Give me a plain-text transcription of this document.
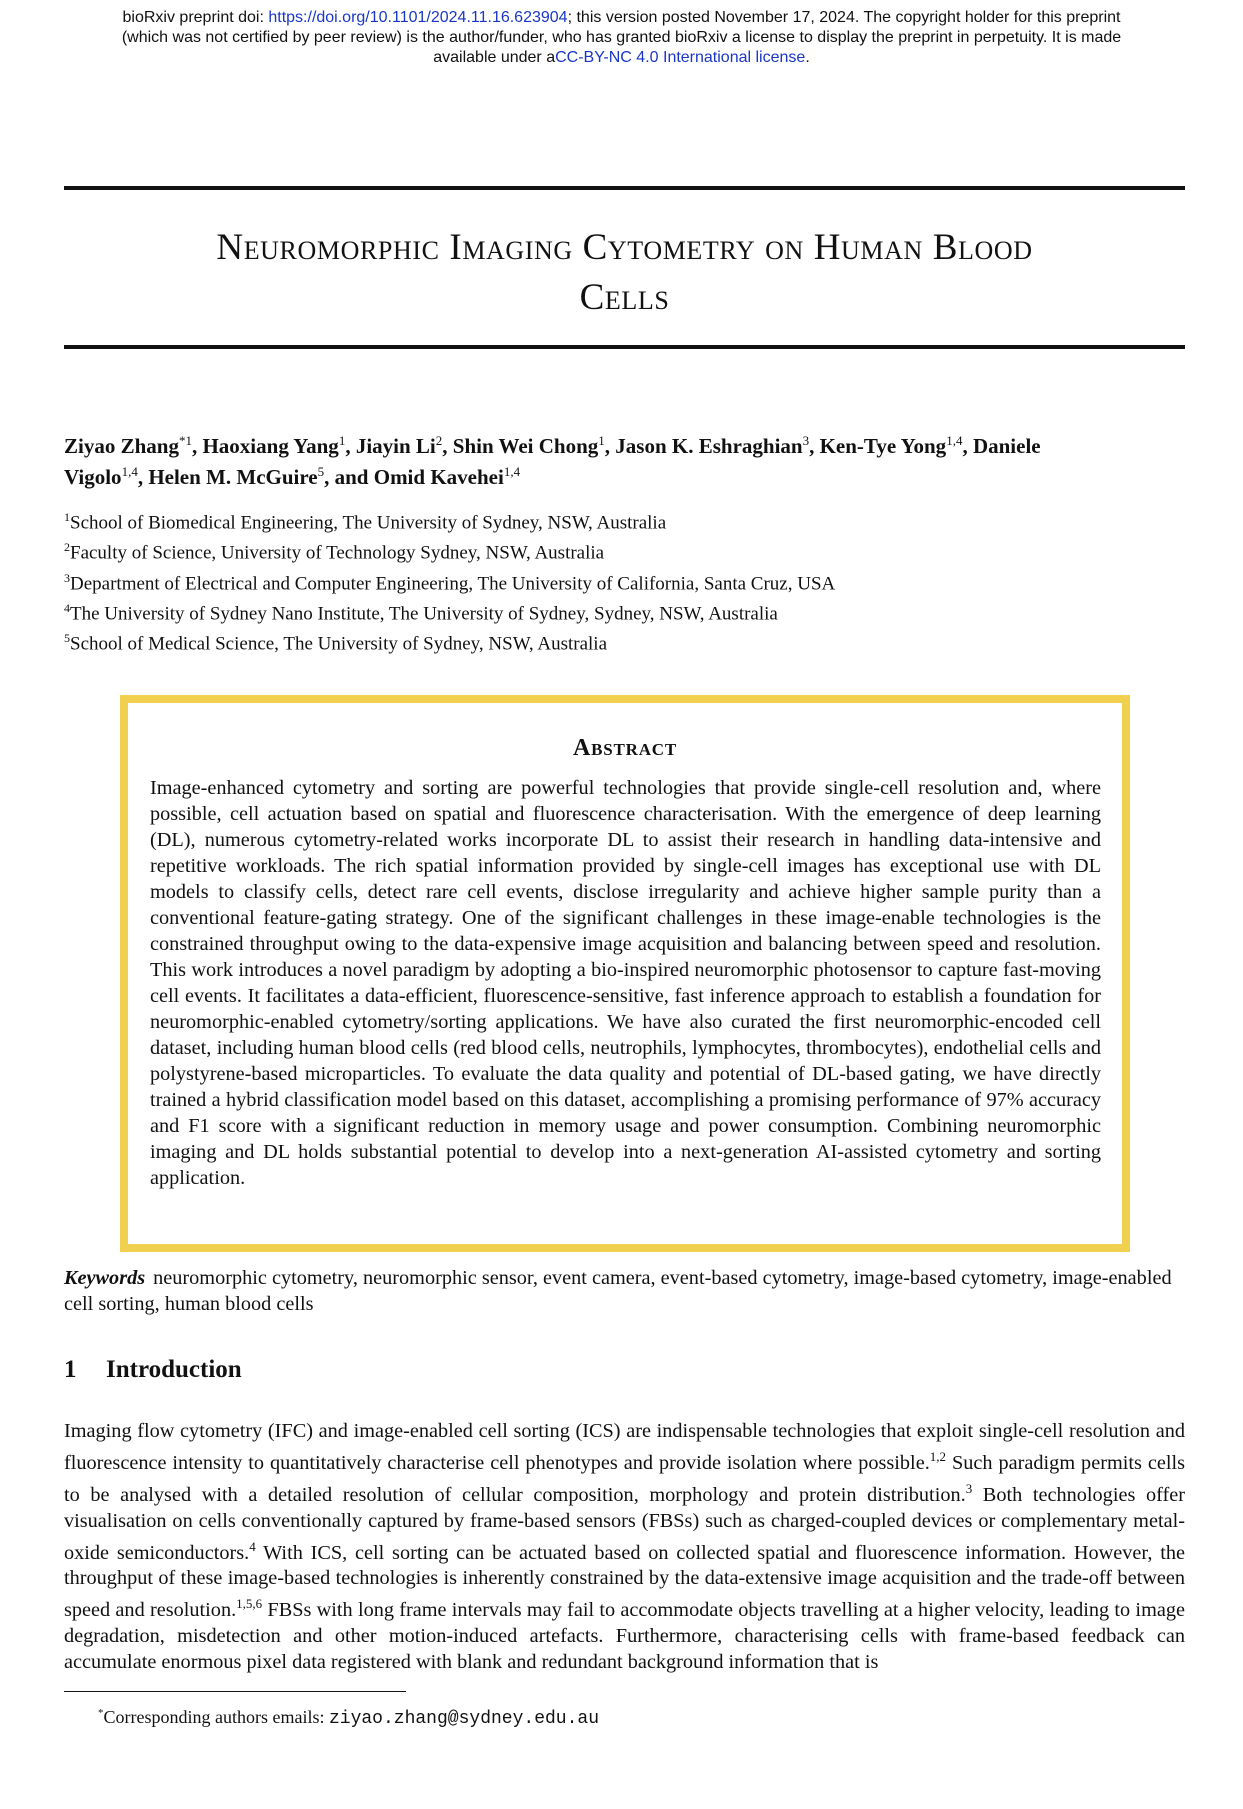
bioRxiv preprint doi: https://doi.org/10.1101/2024.11.16.623904; this version posted November 17, 2024. The copyright holder for this preprint
(which was not certified by peer review) is the author/funder, who has granted bioRxiv a license to display the preprint in perpetuity. It is made
available under aCC-BY-NC 4.0 International license.
Neuromorphic Imaging Cytometry on Human Blood
Cells
Ziyao Zhang$^{*1}$, Haoxiang Yang$^1$, Jiayin Li$^2$, Shin Wei Chong$^1$, Jason K. Eshraghian$^3$, Ken-Tye Yong$^{1,4}$, Daniele
Vigolo$^{1,4}$, Helen M. McGuire$^5$, and Omid Kavehei$^{1,4}$
$^1$School of Biomedical Engineering, The University of Sydney, NSW, Australia
$^2$Faculty of Science, University of Technology Sydney, NSW, Australia
$^3$Department of Electrical and Computer Engineering, The University of California, Santa Cruz, USA
$^4$The University of Sydney Nano Institute, The University of Sydney, Sydney, NSW, Australia
$^5$School of Medical Science, The University of Sydney, NSW, Australia
Abstract
Image-enhanced cytometry and sorting are powerful technologies that provide single-cell resolution and, where possible, cell actuation based on spatial and fluorescence characterisation. With the emergence of deep learning (DL), numerous cytometry-related works incorporate DL to assist their research in handling data-intensive and repetitive workloads. The rich spatial information provided by single-cell images has exceptional use with DL models to classify cells, detect rare cell events, disclose irregularity and achieve higher sample purity than a conventional feature-gating strategy. One of the significant challenges in these image-enable technologies is the constrained throughput owing to the data-expensive image acquisition and balancing between speed and resolution. This work introduces a novel paradigm by adopting a bio-inspired neuromorphic photosensor to capture fast-moving cell events. It facilitates a data-efficient, fluorescence-sensitive, fast inference approach to establish a foundation for neuromorphic-enabled cytometry/sorting applications. We have also curated the first neuromorphic-encoded cell dataset, including human blood cells (red blood cells, neutrophils, lymphocytes, thrombocytes), endothelial cells and polystyrene-based microparticles. To evaluate the data quality and potential of DL-based gating, we have directly trained a hybrid classification model based on this dataset, accomplishing a promising performance of 97% accuracy and F1 score with a significant reduction in memory usage and power consumption. Combining neuromorphic imaging and DL holds substantial potential to develop into a next-generation AI-assisted cytometry and sorting application.
Keywords neuromorphic cytometry, neuromorphic sensor, event camera, event-based cytometry, image-based cytometry, image-enabled cell sorting, human blood cells
1 Introduction
Imaging flow cytometry (IFC) and image-enabled cell sorting (ICS) are indispensable technologies that exploit single-cell resolution and fluorescence intensity to quantitatively characterise cell phenotypes and provide isolation where possible.$^{1,2}$ Such paradigm permits cells to be analysed with a detailed resolution of cellular composition, morphology and protein distribution.$^3$ Both technologies offer visualisation on cells conventionally captured by frame-based sensors (FBSs) such as charged-coupled devices or complementary metal-oxide semiconductors.$^4$ With ICS, cell sorting can be actuated based on collected spatial and fluorescence information. However, the throughput of these image-based technologies is inherently constrained by the data-extensive image acquisition and the trade-off between speed and resolution.$^{1,5,6}$ FBSs with long frame intervals may fail to accommodate objects travelling at a higher velocity, leading to image degradation, misdetection and other motion-induced artefacts. Furthermore, characterising cells with frame-based feedback can accumulate enormous pixel data registered with blank and redundant background information that is
*Corresponding authors emails: ziyao.zhang@sydney.edu.au
